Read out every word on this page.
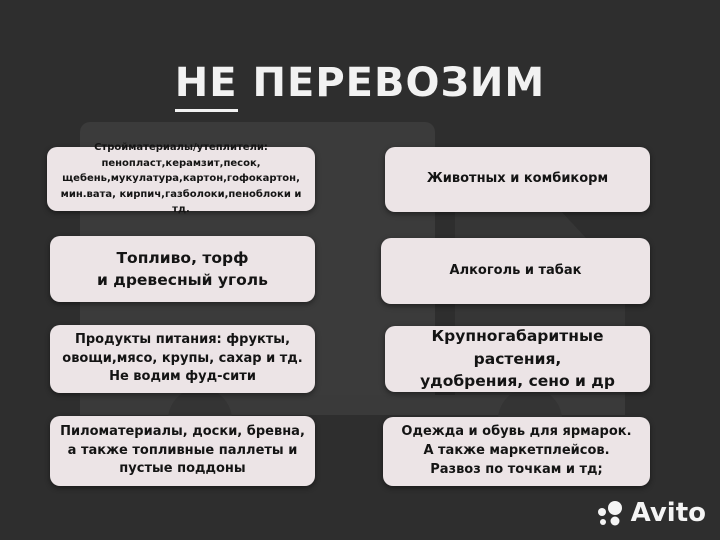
НЕ ПЕРЕВОЗИМ
Стройматериалы/утеплители:
пенопласт,керамзит,песок,
щебень,мукулатура,картон,гофокартон,
мин.вата, кирпич,газболоки,пеноблоки и тд.
Топливо, торф
и древесный уголь
Продукты питания: фрукты,
овощи,мясо, крупы, сахар и тд.
Не водим фуд-сити
Пиломатериалы, доски, бревна,
а также топливные паллеты и
пустые поддоны
Животных и комбикорм
Алкоголь и табак
Крупногабаритные растения,
удобрения, сено и др
Одежда и обувь для ярмарок.
А также маркетплейсов.
Развоз по точкам и тд;
Avito
